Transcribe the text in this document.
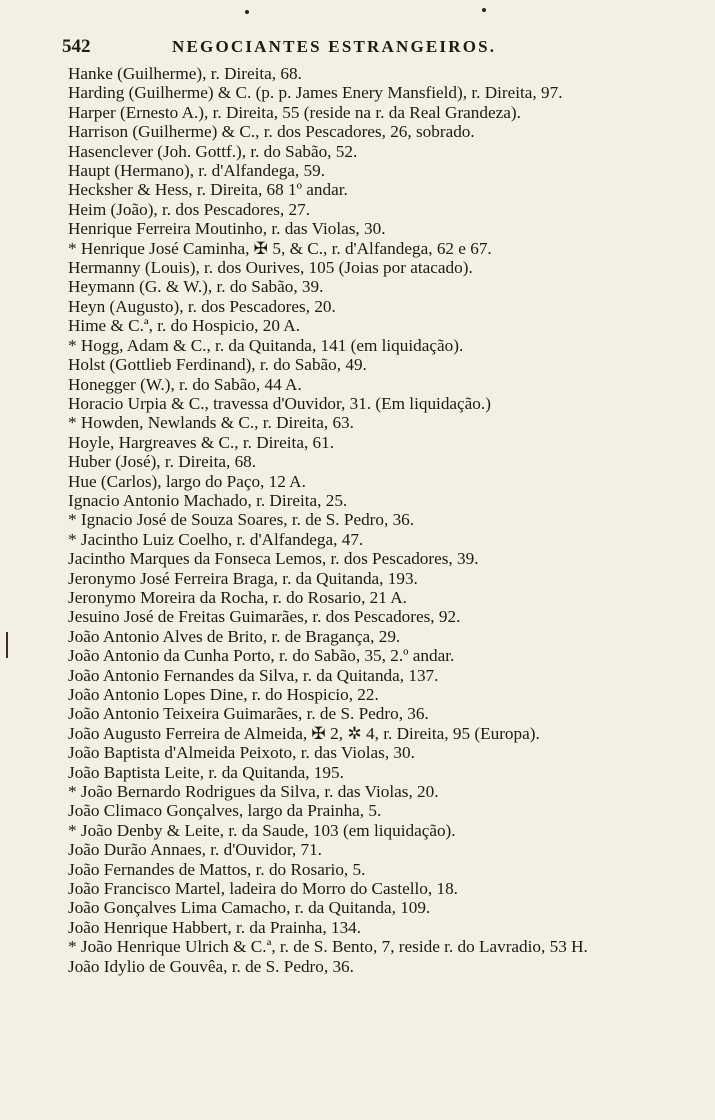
542	NEGOCIANTES ESTRANGEIROS.
Hanke (Guilherme), r. Direita, 68.
Harding (Guilherme) & C. (p. p. James Enery Mansfield), r. Direita, 97.
Harper (Ernesto A.), r. Direita, 55 (reside na r. da Real Grandeza).
Harrison (Guilherme) & C., r. dos Pescadores, 26, sobrado.
Hasenclever (Joh. Gottf.), r. do Sabão, 52.
Haupt (Hermano), r. d'Alfandega, 59.
Hecksher & Hess, r. Direita, 68 1º andar.
Heim (João), r. dos Pescadores, 27.
Henrique Ferreira Moutinho, r. das Violas, 30.
* Henrique José Caminha, ✠ 5, & C., r. d'Alfandega, 62 e 67.
Hermanny (Louis), r. dos Ourives, 105 (Joias por atacado).
Heymann (G. & W.), r. do Sabão, 39.
Heyn (Augusto), r. dos Pescadores, 20.
Hime & C.ª, r. do Hospicio, 20 A.
* Hogg, Adam & C., r. da Quitanda, 141 (em liquidação).
Holst (Gottlieb Ferdinand), r. do Sabão, 49.
Honegger (W.), r. do Sabão, 44 A.
Horacio Urpia & C., travessa d'Ouvidor, 31. (Em liquidação.)
* Howden, Newlands & C., r. Direita, 63.
Hoyle, Hargreaves & C., r. Direita, 61.
Huber (José), r. Direita, 68.
Hue (Carlos), largo do Paço, 12 A.
Ignacio Antonio Machado, r. Direita, 25.
* Ignacio José de Souza Soares, r. de S. Pedro, 36.
* Jacintho Luiz Coelho, r. d'Alfandega, 47.
Jacintho Marques da Fonseca Lemos, r. dos Pescadores, 39.
Jeronymo José Ferreira Braga, r. da Quitanda, 193.
Jeronymo Moreira da Rocha, r. do Rosario, 21 A.
Jesuino José de Freitas Guimarães, r. dos Pescadores, 92.
João Antonio Alves de Brito, r. de Bragança, 29.
João Antonio da Cunha Porto, r. do Sabão, 35, 2.º andar.
João Antonio Fernandes da Silva, r. da Quitanda, 137.
João Antonio Lopes Dine, r. do Hospicio, 22.
João Antonio Teixeira Guimarães, r. de S. Pedro, 36.
João Augusto Ferreira de Almeida, ✠ 2, ✲ 4, r. Direita, 95 (Europa).
João Baptista d'Almeida Peixoto, r. das Violas, 30.
João Baptista Leite, r. da Quitanda, 195.
* João Bernardo Rodrigues da Silva, r. das Violas, 20.
João Climaco Gonçalves, largo da Prainha, 5.
* João Denby & Leite, r. da Saude, 103 (em liquidação).
João Durão Annaes, r. d'Ouvidor, 71.
João Fernandes de Mattos, r. do Rosario, 5.
João Francisco Martel, ladeira do Morro do Castello, 18.
João Gonçalves Lima Camacho, r. da Quitanda, 109.
João Henrique Habbert, r. da Prainha, 134.
* João Henrique Ulrich & C.ª, r. de S. Bento, 7, reside r. do Lavradio, 53 H.
João Idylio de Gouvêa, r. de S. Pedro, 36.
